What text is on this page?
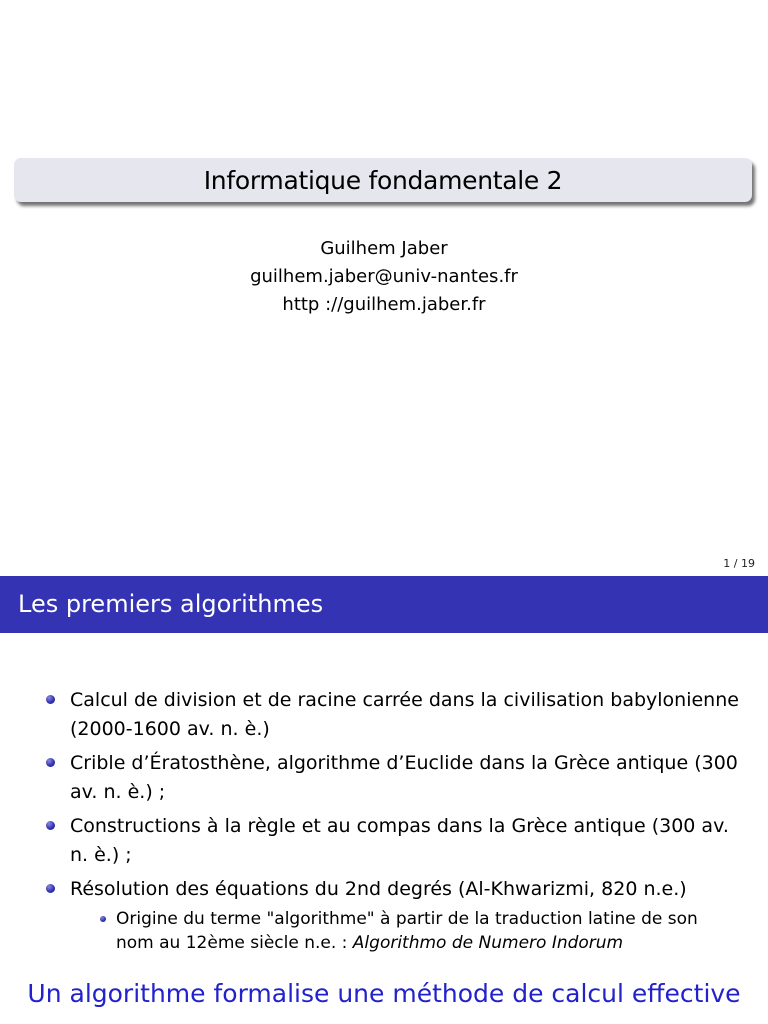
Informatique fondamentale 2
Guilhem Jaber
guilhem.jaber@univ-nantes.fr
http ://guilhem.jaber.fr
1 / 19
Les premiers algorithmes
Calcul de division et de racine carrée dans la civilisation babylonienne (2000-1600 av. n. è.)
Crible d’Ératosthène, algorithme d’Euclide dans la Grèce antique (300 av. n. è.) ;
Constructions à la règle et au compas dans la Grèce antique (300 av. n. è.) ;
Résolution des équations du 2nd degrés (Al-Khwarizmi, 820 n.e.)
Origine du terme "algorithme" à partir de la traduction latine de son nom au 12ème siècle n.e. : Algorithmo de Numero Indorum
Un algorithme formalise une méthode de calcul effective
